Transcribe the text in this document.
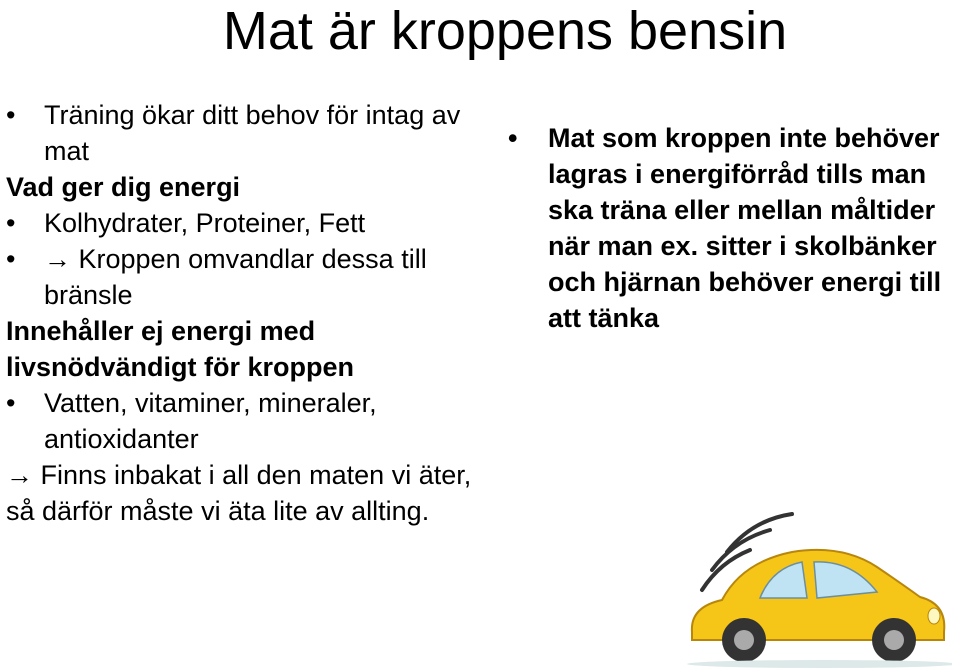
Mat är kroppens bensin
• Träning ökar ditt behov för intag av mat
Vad ger dig energi
• Kolhydrater, Proteiner, Fett
• → Kroppen omvandlar dessa till bränsle
Innehåller ej energi med livsnödvändigt för kroppen
• Vatten, vitaminer, mineraler, antioxidanter
→ Finns inbakat i all den maten vi äter, så därför måste vi äta lite av allting.
• Mat som kroppen inte behöver lagras i energiförråd tills man ska träna eller mellan måltider när man ex. sitter i skolbänker och hjärnan behöver energi till att tänka
